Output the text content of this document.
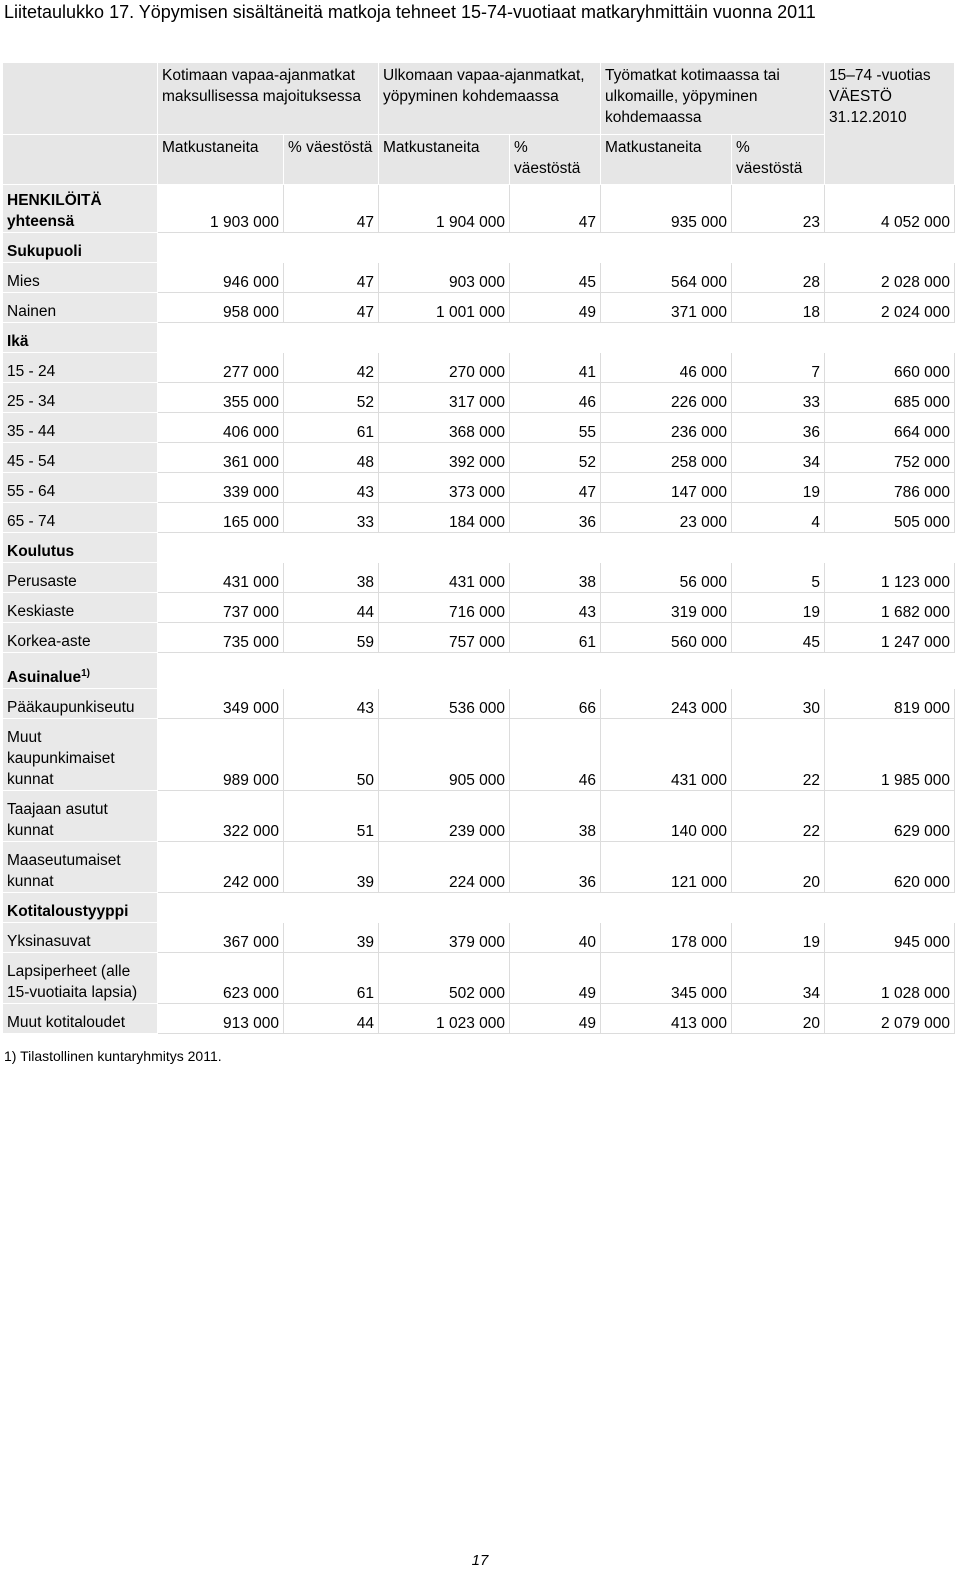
Liitetaulukko 17. Yöpymisen sisältäneitä matkoja tehneet 15-74-vuotiaat matkaryhmittäin vuonna 2011
	Kotimaan vapaa-ajanmatkat maksullisessa majoituksessa		Ulkomaan vapaa-ajanmatkat, yöpyminen kohdemaassa		Työmatkat kotimaassa tai ulkomaille, yöpyminen kohdemaassa		15–74 -vuotias VÄESTÖ 31.12.2010
	Matkustaneita	% väestöstä	Matkustaneita	% väestöstä	Matkustaneita	% väestöstä	
HENKILÖITÄ yhteensä	1 903 000	47	1 904 000	47	935 000	23	4 052 000
Sukupuoli							
Mies	946 000	47	903 000	45	564 000	28	2 028 000
Nainen	958 000	47	1 001 000	49	371 000	18	2 024 000
Ikä							
15 - 24	277 000	42	270 000	41	46 000	7	660 000
25 - 34	355 000	52	317 000	46	226 000	33	685 000
35 - 44	406 000	61	368 000	55	236 000	36	664 000
45 - 54	361 000	48	392 000	52	258 000	34	752 000
55 - 64	339 000	43	373 000	47	147 000	19	786 000
65 - 74	165 000	33	184 000	36	23 000	4	505 000
Koulutus							
Perusaste	431 000	38	431 000	38	56 000	5	1 123 000
Keskiaste	737 000	44	716 000	43	319 000	19	1 682 000
Korkea-aste	735 000	59	757 000	61	560 000	45	1 247 000
Asuinalue$^{1)}$	
Pääkaupunkiseutu	349 000	43	536 000	66	243 000	30	819 000
Muut kaupunkimaiset kunnat	989 000	50	905 000	46	431 000	22	1 985 000
Taajaan asutut kunnat	322 000	51	239 000	38	140 000	22	629 000
Maaseutumaiset kunnat	242 000	39	224 000	36	121 000	20	620 000
Kotitaloustyyppi							
Yksinasuvat	367 000	39	379 000	40	178 000	19	945 000
Lapsiperheet (alle 15-vuotiaita lapsia)	623 000	61	502 000	49	345 000	34	1 028 000
Muut kotitaloudet	913 000	44	1 023 000	49	413 000	20	2 079 000
1) Tilastollinen kuntaryhmitys 2011.
17
